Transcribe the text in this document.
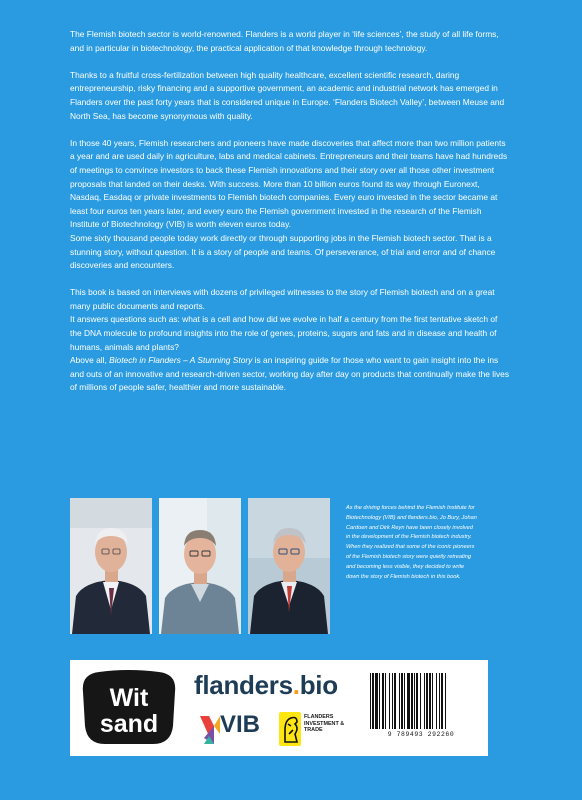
The Flemish biotech sector is world-renowned. Flanders is a world player in ‘life sciences’, the study of all life forms, and in particular in biotechnology, the practical application of that knowledge through technology.

Thanks to a fruitful cross-fertilization between high quality healthcare, excellent scientific research, daring entrepreneurship, risky financing and a supportive government, an academic and industrial network has emerged in Flanders over the past forty years that is considered unique in Europe. ‘Flanders Biotech Valley’, between Meuse and North Sea, has become synonymous with quality.

In those 40 years, Flemish researchers and pioneers have made discoveries that affect more than two million patients a year and are used daily in agriculture, labs and medical cabinets. Entrepreneurs and their teams have had hundreds of meetings to convince investors to back these Flemish innovations and their story over all those other investment proposals that landed on their desks. With success. More than 10 billion euros found its way through Euronext, Nasdaq, Easdaq or private investments to Flemish biotech companies. Every euro invested in the sector became at least four euros ten years later, and every euro the Flemish government invested in the research of the Flemish Institute of Biotechnology (VIB) is worth eleven euros today.

Some sixty thousand people today work directly or through supporting jobs in the Flemish biotech sector. That is a stunning story, without question. It is a story of people and teams. Of perseverance, of trial and error and of chance discoveries and encounters.

This book is based on interviews with dozens of privileged witnesses to the story of Flemish biotech and on a great many public documents and reports.

It answers questions such as: what is a cell and how did we evolve in half a century from the first tentative sketch of the DNA molecule to profound insights into the role of genes, proteins, sugars and fats and in disease and health of humans, animals and plants?

Above all, Biotech in Flanders – A Stunning Story is an inspiring guide for those who want to gain insight into the ins and outs of an innovative and research-driven sector, working day after day on products that continually make the lives of millions of people safer, healthier and more sustainable.

As the driving forces behind the Flemish Institute for Biotechnology (VIB) and flanders.bio, Jo Bury, Johan Cardoen and Dirk Reyn have been closely involved in the development of the Flemish biotech industry. When they realized that some of the iconic pioneers of the Flemish biotech story were quietly retreating and becoming less visible, they decided to write down the story of Flemish biotech in this book.
Wit
sand
flanders.bio
VIB	FLANDERS
INVESTMENT &
TRADE
9 789493 292260
